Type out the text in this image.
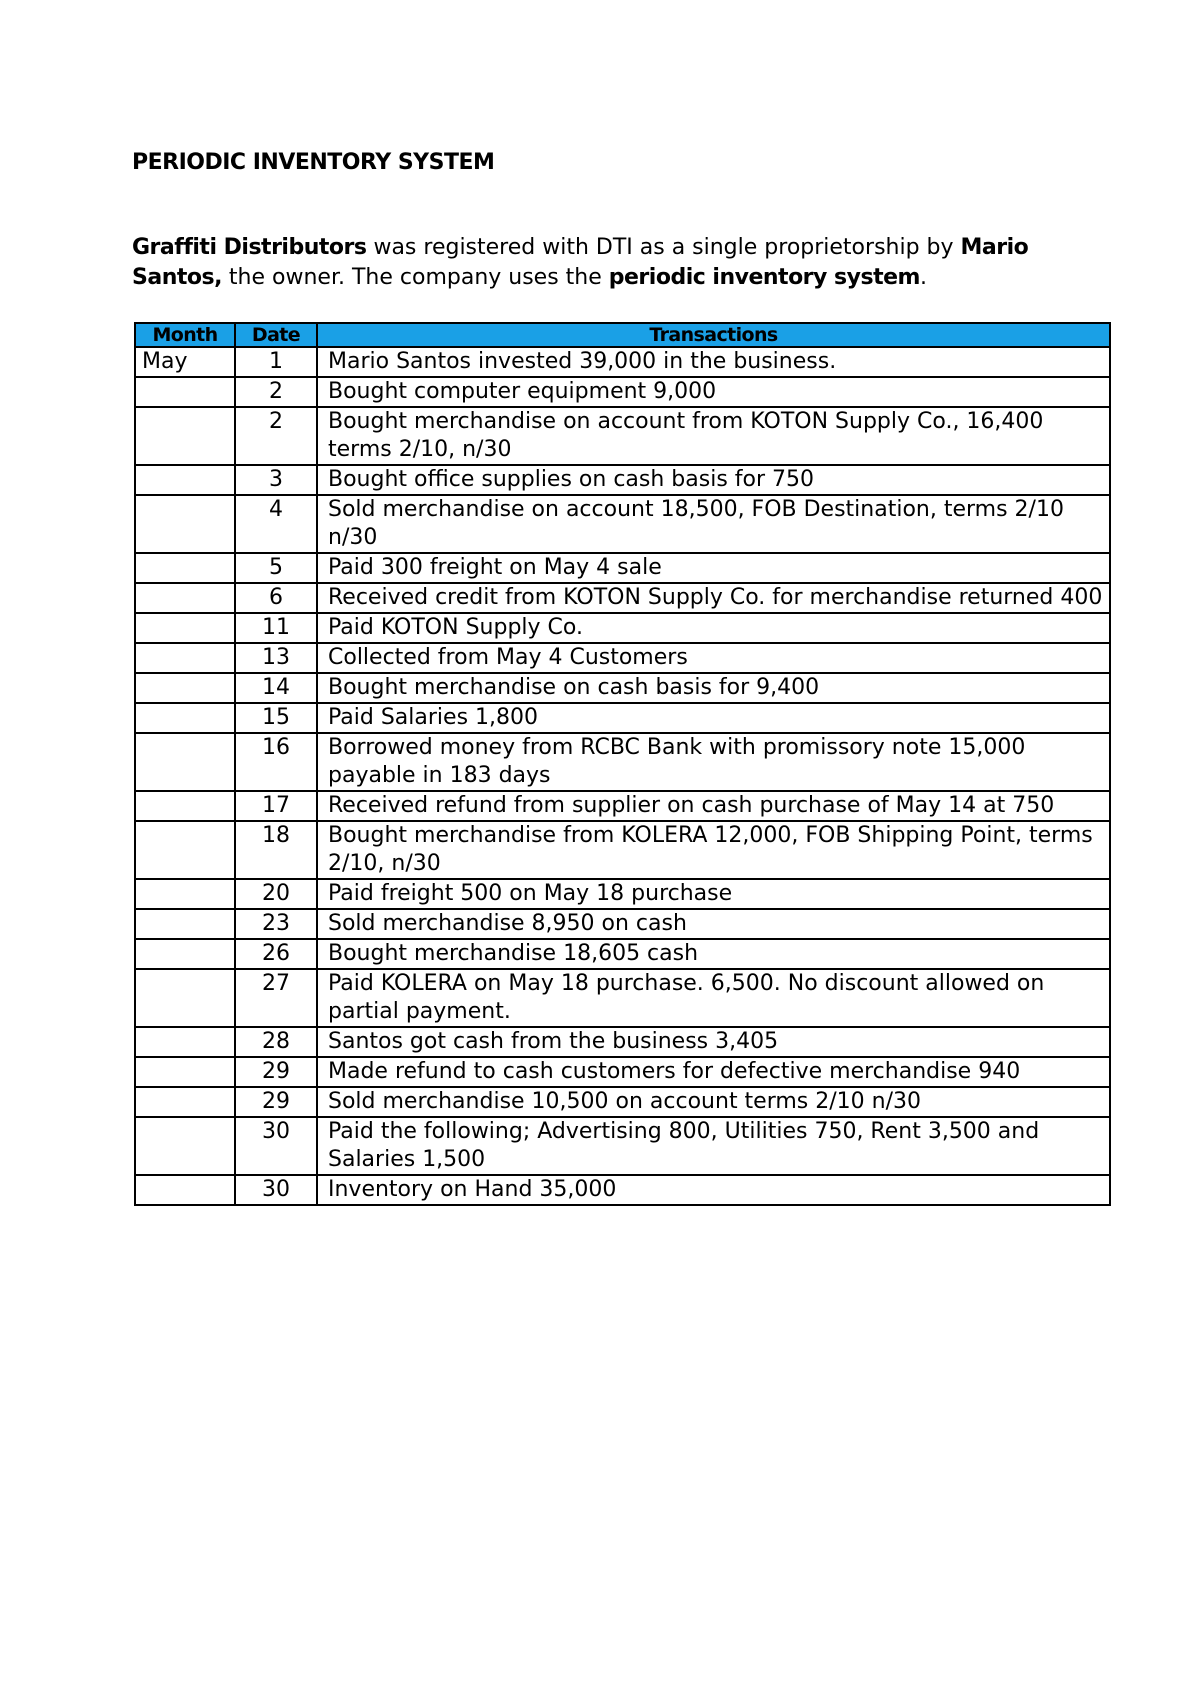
PERIODIC INVENTORY SYSTEM
Graffiti Distributors was registered with DTI as a single proprietorship by Mario Santos, the owner. The company uses the periodic inventory system.
Month	Date	Transactions
May	1	Mario Santos invested 39,000 in the business.
	2	Bought computer equipment 9,000
	2	Bought merchandise on account from KOTON Supply Co., 16,400 terms 2/10, n/30
	3	Bought office supplies on cash basis for 750
	4	Sold merchandise on account 18,500, FOB Destination, terms 2/10 n/30
	5	Paid 300 freight on May 4 sale
	6	Received credit from KOTON Supply Co. for merchandise returned 400
	11	Paid KOTON Supply Co.
	13	Collected from May 4 Customers
	14	Bought merchandise on cash basis for 9,400
	15	Paid Salaries 1,800
	16	Borrowed money from RCBC Bank with promissory note 15,000 payable in 183 days
	17	Received refund from supplier on cash purchase of May 14 at 750
	18	Bought merchandise from KOLERA 12,000, FOB Shipping Point, terms 2/10, n/30
	20	Paid freight 500 on May 18 purchase
	23	Sold merchandise 8,950 on cash
	26	Bought merchandise 18,605 cash
	27	Paid KOLERA on May 18 purchase. 6,500. No discount allowed on partial payment.
	28	Santos got cash from the business 3,405
	29	Made refund to cash customers for defective merchandise 940
	29	Sold merchandise 10,500 on account terms 2/10 n/30
	30	Paid the following; Advertising 800, Utilities 750, Rent 3,500 and Salaries 1,500
	30	Inventory on Hand 35,000
